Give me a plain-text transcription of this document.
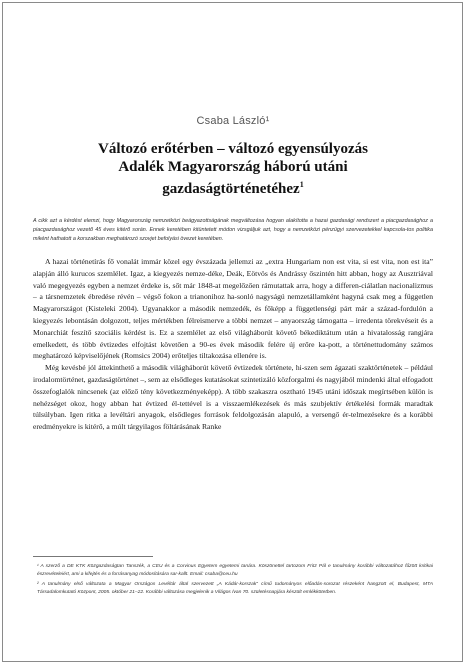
Csaba László¹
Változó erőtérben – változó egyensúlyozás
Adalék Magyarország háború utáni
gazdaságtörténetéhez$^1$

A cikk azt a kérdést elemzi, hogy Magyarország nemzetközi beágyazottságának megváltozása hogyan alakította a hazai gazdasági rendszert a piacgazdasághoz a piacgazdasághoz vezető 45 éves kitérő során. Ennek keretében kitüntetett módon vizsgáljuk azt, hogy a nemzetközi pénzügyi szervezetekkel kapcsola-tos politika miként hathatott a korszakban meghatározó szovjet befolyási övezet keretében.

A hazai történetírás fő vonalát immár közel egy évszázada jellemzi az „extra Hungariam non est vita, si est vita, non est ita” alapján álló kurucos szemlélet. Igaz, a kiegyezés nemze-déke, Deák, Eötvös és Andrássy őszintén hitt abban, hogy az Ausztriával való megegyezés egyben a nemzet érdeke is, sőt már 1848-at megelőzően rámutattak arra, hogy a differen-ciálatlan nacionalizmus – a társnemzetek ébredése révén – végső fokon a trianonihoz ha-sonló nagyságú nemzetállamként hagyná csak meg a független Magyarországot (Kisteleki 2004). Ugyanakkor a második nemzedék, és főképp a függetlenségi párt már a század-fordulón a kiegyezés lebontásán dolgozott, teljes mértékben félreismerve a többi nemzet – anyaország támogatta – irredenta törekvéseit és a Monarchiát feszítő szociális kérdést is. Ez a szemlélet az első világháborút követő békediktátum után a hivatalosság rangjára emelkedett, és több évtizedes elfojtást követően a 90-es évek második felére új erőre ka-pott, a történettudomány számos meghatározó képviselőjének (Romsics 2004) erőteljes tiltakozása ellenére is.

Még kevésbé jól áttekinthető a második világháborút követő évtizedek története, hi-szen sem ágazati szaktörténetek – például irodalomtörténet, gazdaságtörténet –, sem az elsődleges kutatásokat szintetizáló közforgalmi és nagyjából mindenki által elfogadott összefoglalók nincsenek (az előző tény következményeképp). A több szakaszra osztható 1945 utáni időszak megírtsében külön is nehézséget okoz, hogy abban hat évtized él-tettével is a visszaemlékezések és más szubjektív értékelési formák maradtak túlsúlyban. Igen ritka a levéltári anyagok, elsődleges források feldolgozásán alapuló, a versengő ér-telmezésekre és a korábbi eredményekre is kitérő, a múlt tárgyilagos föltárásának Ranke

¹ A szerző a DE KTK Közgazdaságtan Tanszék, a CEU és a Corvinus Egyetem egyetemi tanára. Köszönettel tartozom Fritz Pál e tanulmány korábbi változatához fűzött kritikai észrevételeiért, ami a kifejtés és a forrásanyag módosítására sar-kallt. Email: csaba@ceu.hu

² A tanulmány első változata a Magyar Országos Levéltár által szervezett „A Kádár-korszak” című tudományos előadás-sorozat részeként hangzott el, Budapest, MTA Társadalomkutató Központ, 2005. október 21–22. Korábbi változása megjelenik a Világos Ívan 70. születésnapjára készült emlékkötetben.
